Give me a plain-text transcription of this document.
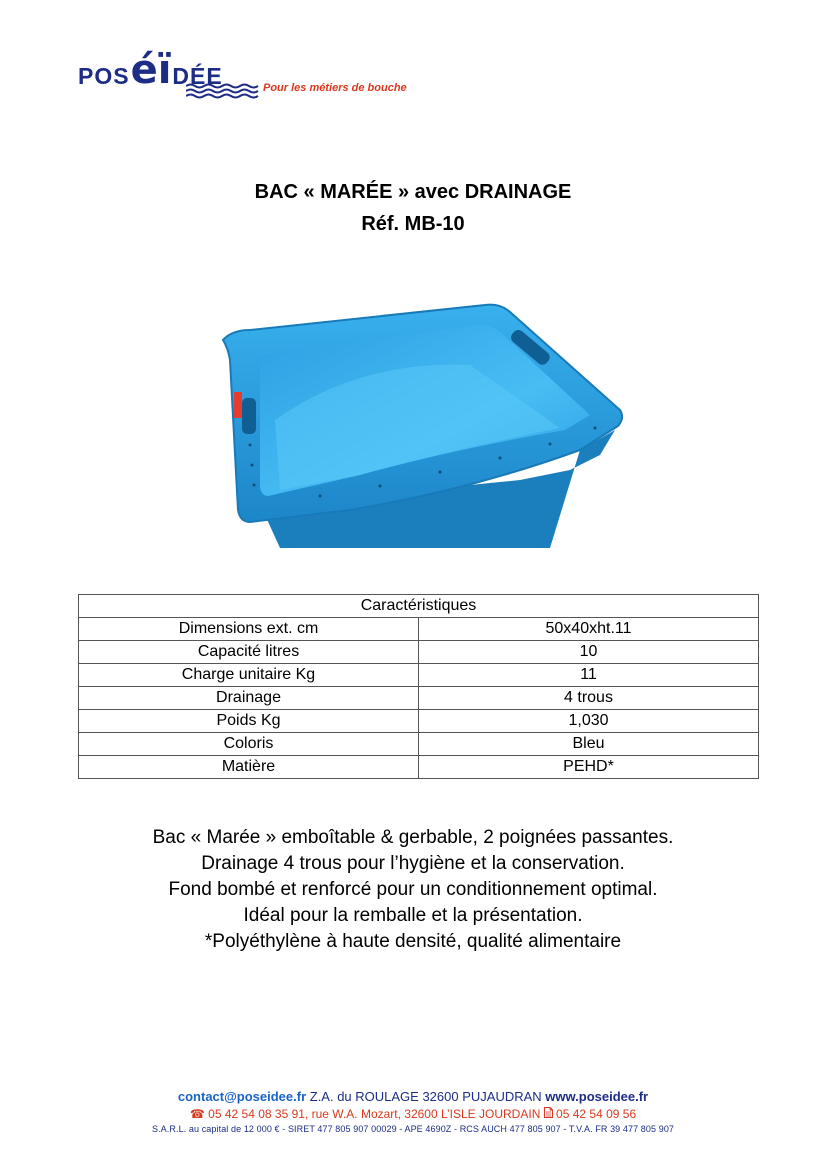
POS éï DÉE	Pour les métiers de bouche
BAC « MARÉE » avec DRAINAGE
Réf. MB-10
Caractéristiques	
Dimensions ext. cm	50x40xht.11
Capacité litres	10
Charge unitaire Kg	11
Drainage	4 trous
Poids Kg	1,030
Coloris	Bleu
Matière	PEHD*
Bac « Marée » emboîtable & gerbable, 2 poignées passantes.
Drainage 4 trous pour l’hygiène et la conservation.
Fond bombé et renforcé pour un conditionnement optimal.
Idéal pour la remballe et la présentation.
*Polyéthylène à haute densité, qualité alimentaire
contact@poseidee.fr Z.A. du ROULAGE 32600 PUJAUDRAN www.poseidee.fr
☎ 05 42 54 08 35 91, rue W.A. Mozart, 32600 L’ISLE JOURDAIN  05 42 54 09 56
S.A.R.L. au capital de 12 000 € - SIRET 477 805 907 00029 - APE 4690Z - RCS AUCH 477 805 907 - T.V.A. FR 39 477 805 907
